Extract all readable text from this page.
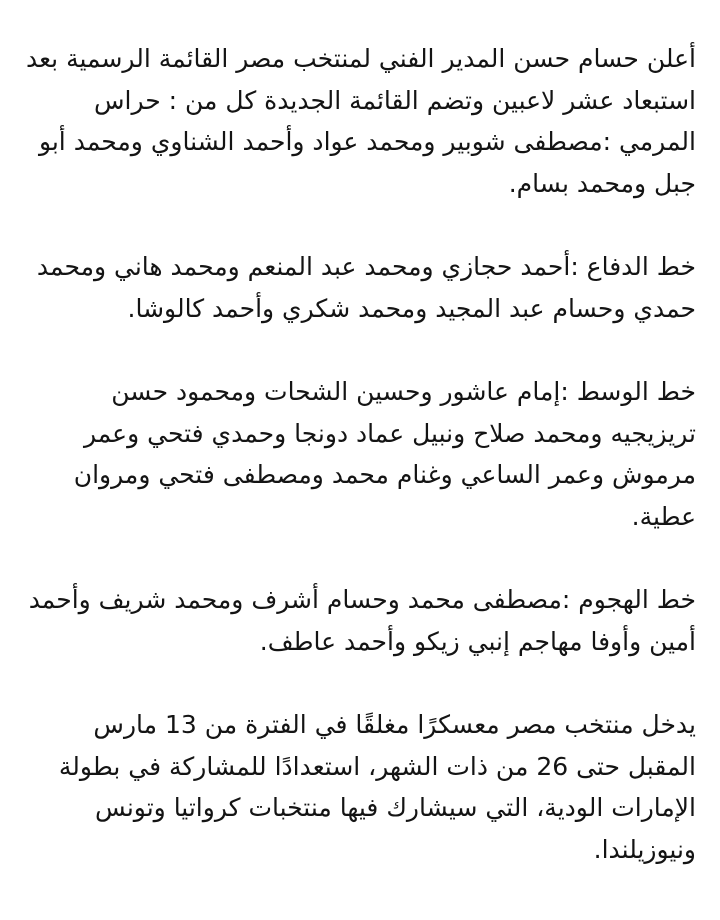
أعلن حسام حسن المدير الفني لمنتخب مصر القائمة الرسمية بعد استبعاد عشر لاعبين وتضم القائمة الجديدة كل من : حراس المرمي :مصطفى شوبير ومحمد عواد وأحمد الشناوي ومحمد أبو جبل ومحمد بسام.

خط الدفاع :أحمد حجازي ومحمد عبد المنعم ومحمد هاني ومحمد حمدي وحسام عبد المجيد ومحمد شكري وأحمد كالوشا.

خط الوسط :إمام عاشور وحسين الشحات ومحمود حسن تريزيجيه ومحمد صلاح ونبيل عماد دونجا وحمدي فتحي وعمر مرموش وعمر الساعي وغنام محمد ومصطفى فتحي ومروان عطية.

خط الهجوم :مصطفى محمد وحسام أشرف ومحمد شريف وأحمد أمين وأوفا مهاجم إنبي زيكو وأحمد عاطف.

يدخل منتخب مصر معسكرًا مغلقًا في الفترة من 13 مارس المقبل حتى 26 من ذات الشهر، استعدادًا للمشاركة في بطولة الإمارات الودية، التي سيشارك فيها منتخبات كرواتيا وتونس ونيوزيلندا.
